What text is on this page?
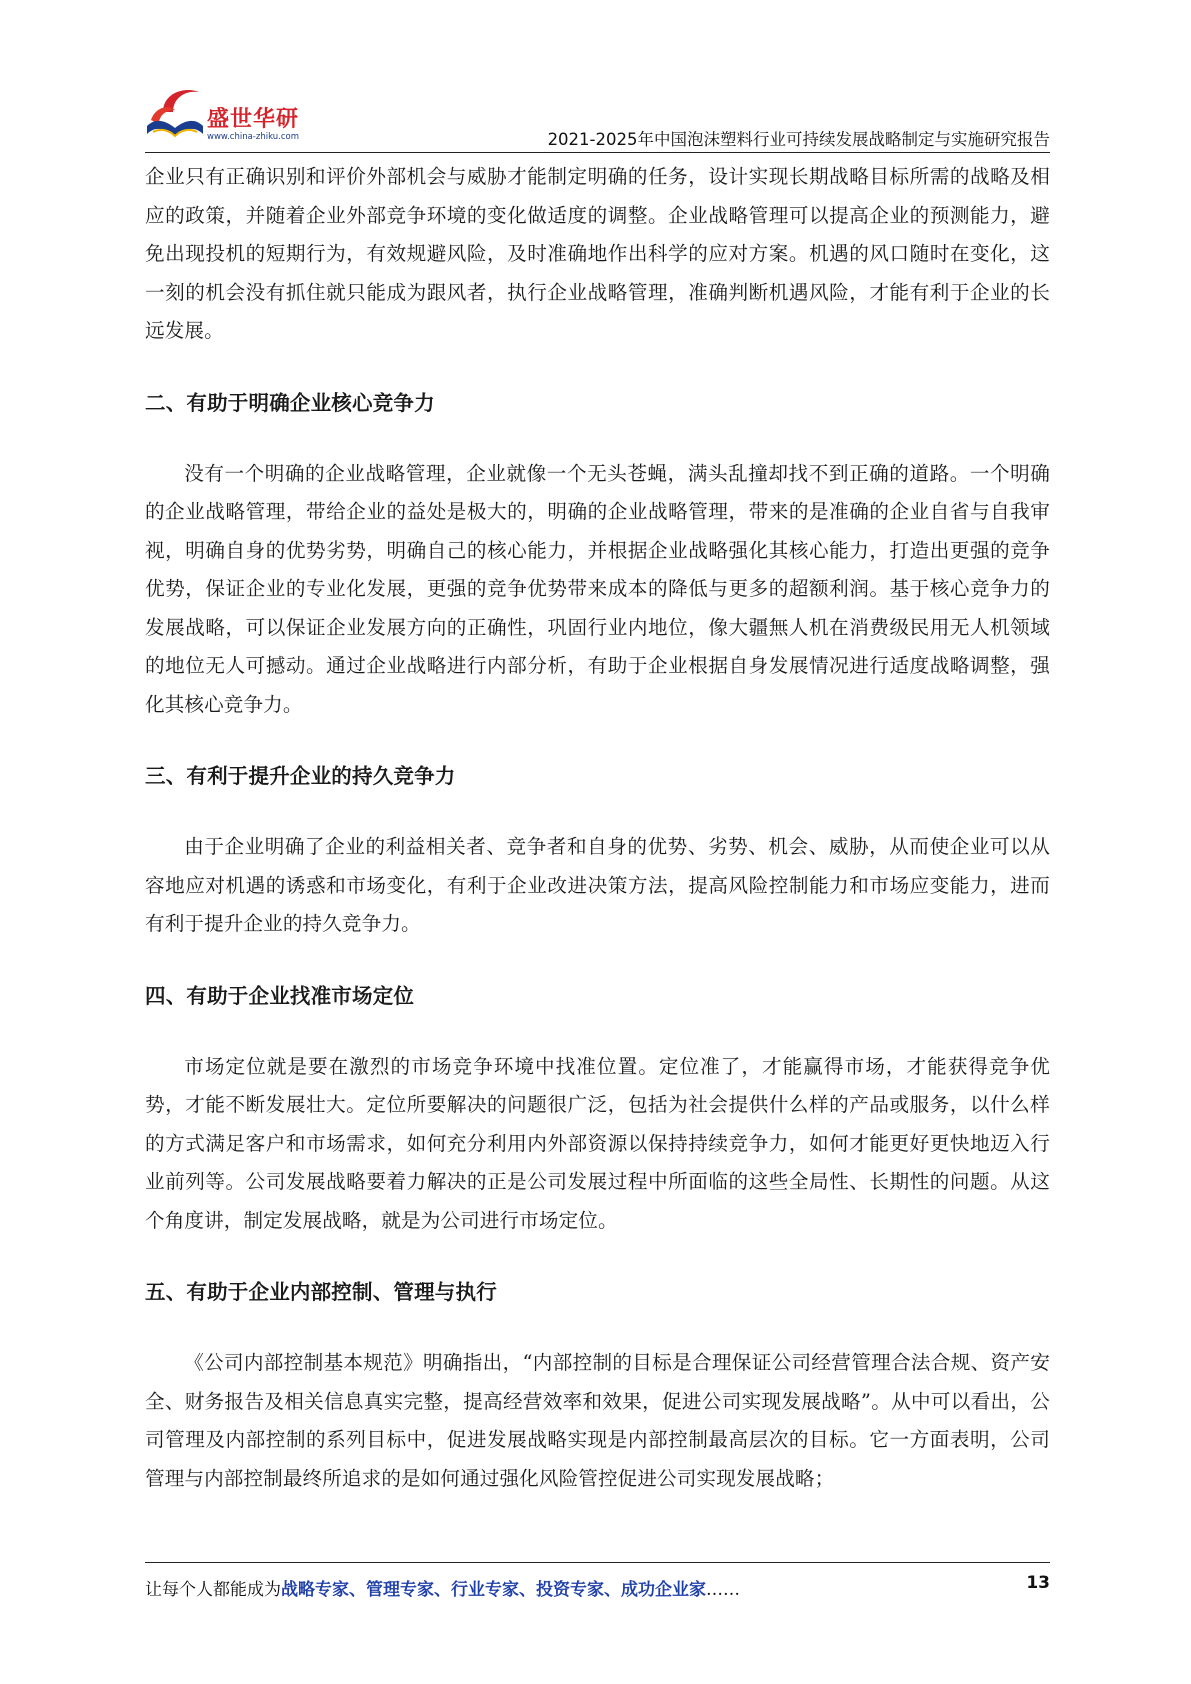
盛世华研
www.china-zhiku.com	2021-2025年中国泡沫塑料行业可持续发展战略制定与实施研究报告

企业只有正确识别和评价外部机会与威胁才能制定明确的任务，设计实现长期战略目标所需的战略及相应的政策，并随着企业外部竞争环境的变化做适度的调整。企业战略管理可以提高企业的预测能力，避免出现投机的短期行为，有效规避风险，及时准确地作出科学的应对方案。机遇的风口随时在变化，这一刻的机会没有抓住就只能成为跟风者，执行企业战略管理，准确判断机遇风险，才能有利于企业的长远发展。

二、有助于明确企业核心竞争力

没有一个明确的企业战略管理，企业就像一个无头苍蝇，满头乱撞却找不到正确的道路。一个明确的企业战略管理，带给企业的益处是极大的，明确的企业战略管理，带来的是准确的企业自省与自我审视，明确自身的优势劣势，明确自己的核心能力，并根据企业战略强化其核心能力，打造出更强的竞争优势，保证企业的专业化发展，更强的竞争优势带来成本的降低与更多的超额利润。基于核心竞争力的发展战略，可以保证企业发展方向的正确性，巩固行业内地位，像大疆無人机在消费级民用无人机领域的地位无人可撼动。通过企业战略进行内部分析，有助于企业根据自身发展情况进行适度战略调整，强化其核心竞争力。

三、有利于提升企业的持久竞争力

由于企业明确了企业的利益相关者、竞争者和自身的优势、劣势、机会、威胁，从而使企业可以从容地应对机遇的诱惑和市场变化，有利于企业改进决策方法，提高风险控制能力和市场应变能力，进而有利于提升企业的持久竞争力。

四、有助于企业找准市场定位

市场定位就是要在激烈的市场竞争环境中找准位置。定位准了，才能赢得市场，才能获得竞争优势，才能不断发展壮大。定位所要解决的问题很广泛，包括为社会提供什么样的产品或服务，以什么样的方式满足客户和市场需求，如何充分利用内外部资源以保持持续竞争力，如何才能更好更快地迈入行业前列等。公司发展战略要着力解决的正是公司发展过程中所面临的这些全局性、长期性的问题。从这个角度讲，制定发展战略，就是为公司进行市场定位。

五、有助于企业内部控制、管理与执行

《公司内部控制基本规范》明确指出，“内部控制的目标是合理保证公司经营管理合法合规、资产安全、财务报告及相关信息真实完整，提高经营效率和效果，促进公司实现发展战略”。从中可以看出，公司管理及内部控制的系列目标中，促进发展战略实现是内部控制最高层次的目标。它一方面表明，公司管理与内部控制最终所追求的是如何通过强化风险管控促进公司实现发展战略；

让每个人都能成为战略专家、管理专家、行业专家、投资专家、成功企业家……	13
